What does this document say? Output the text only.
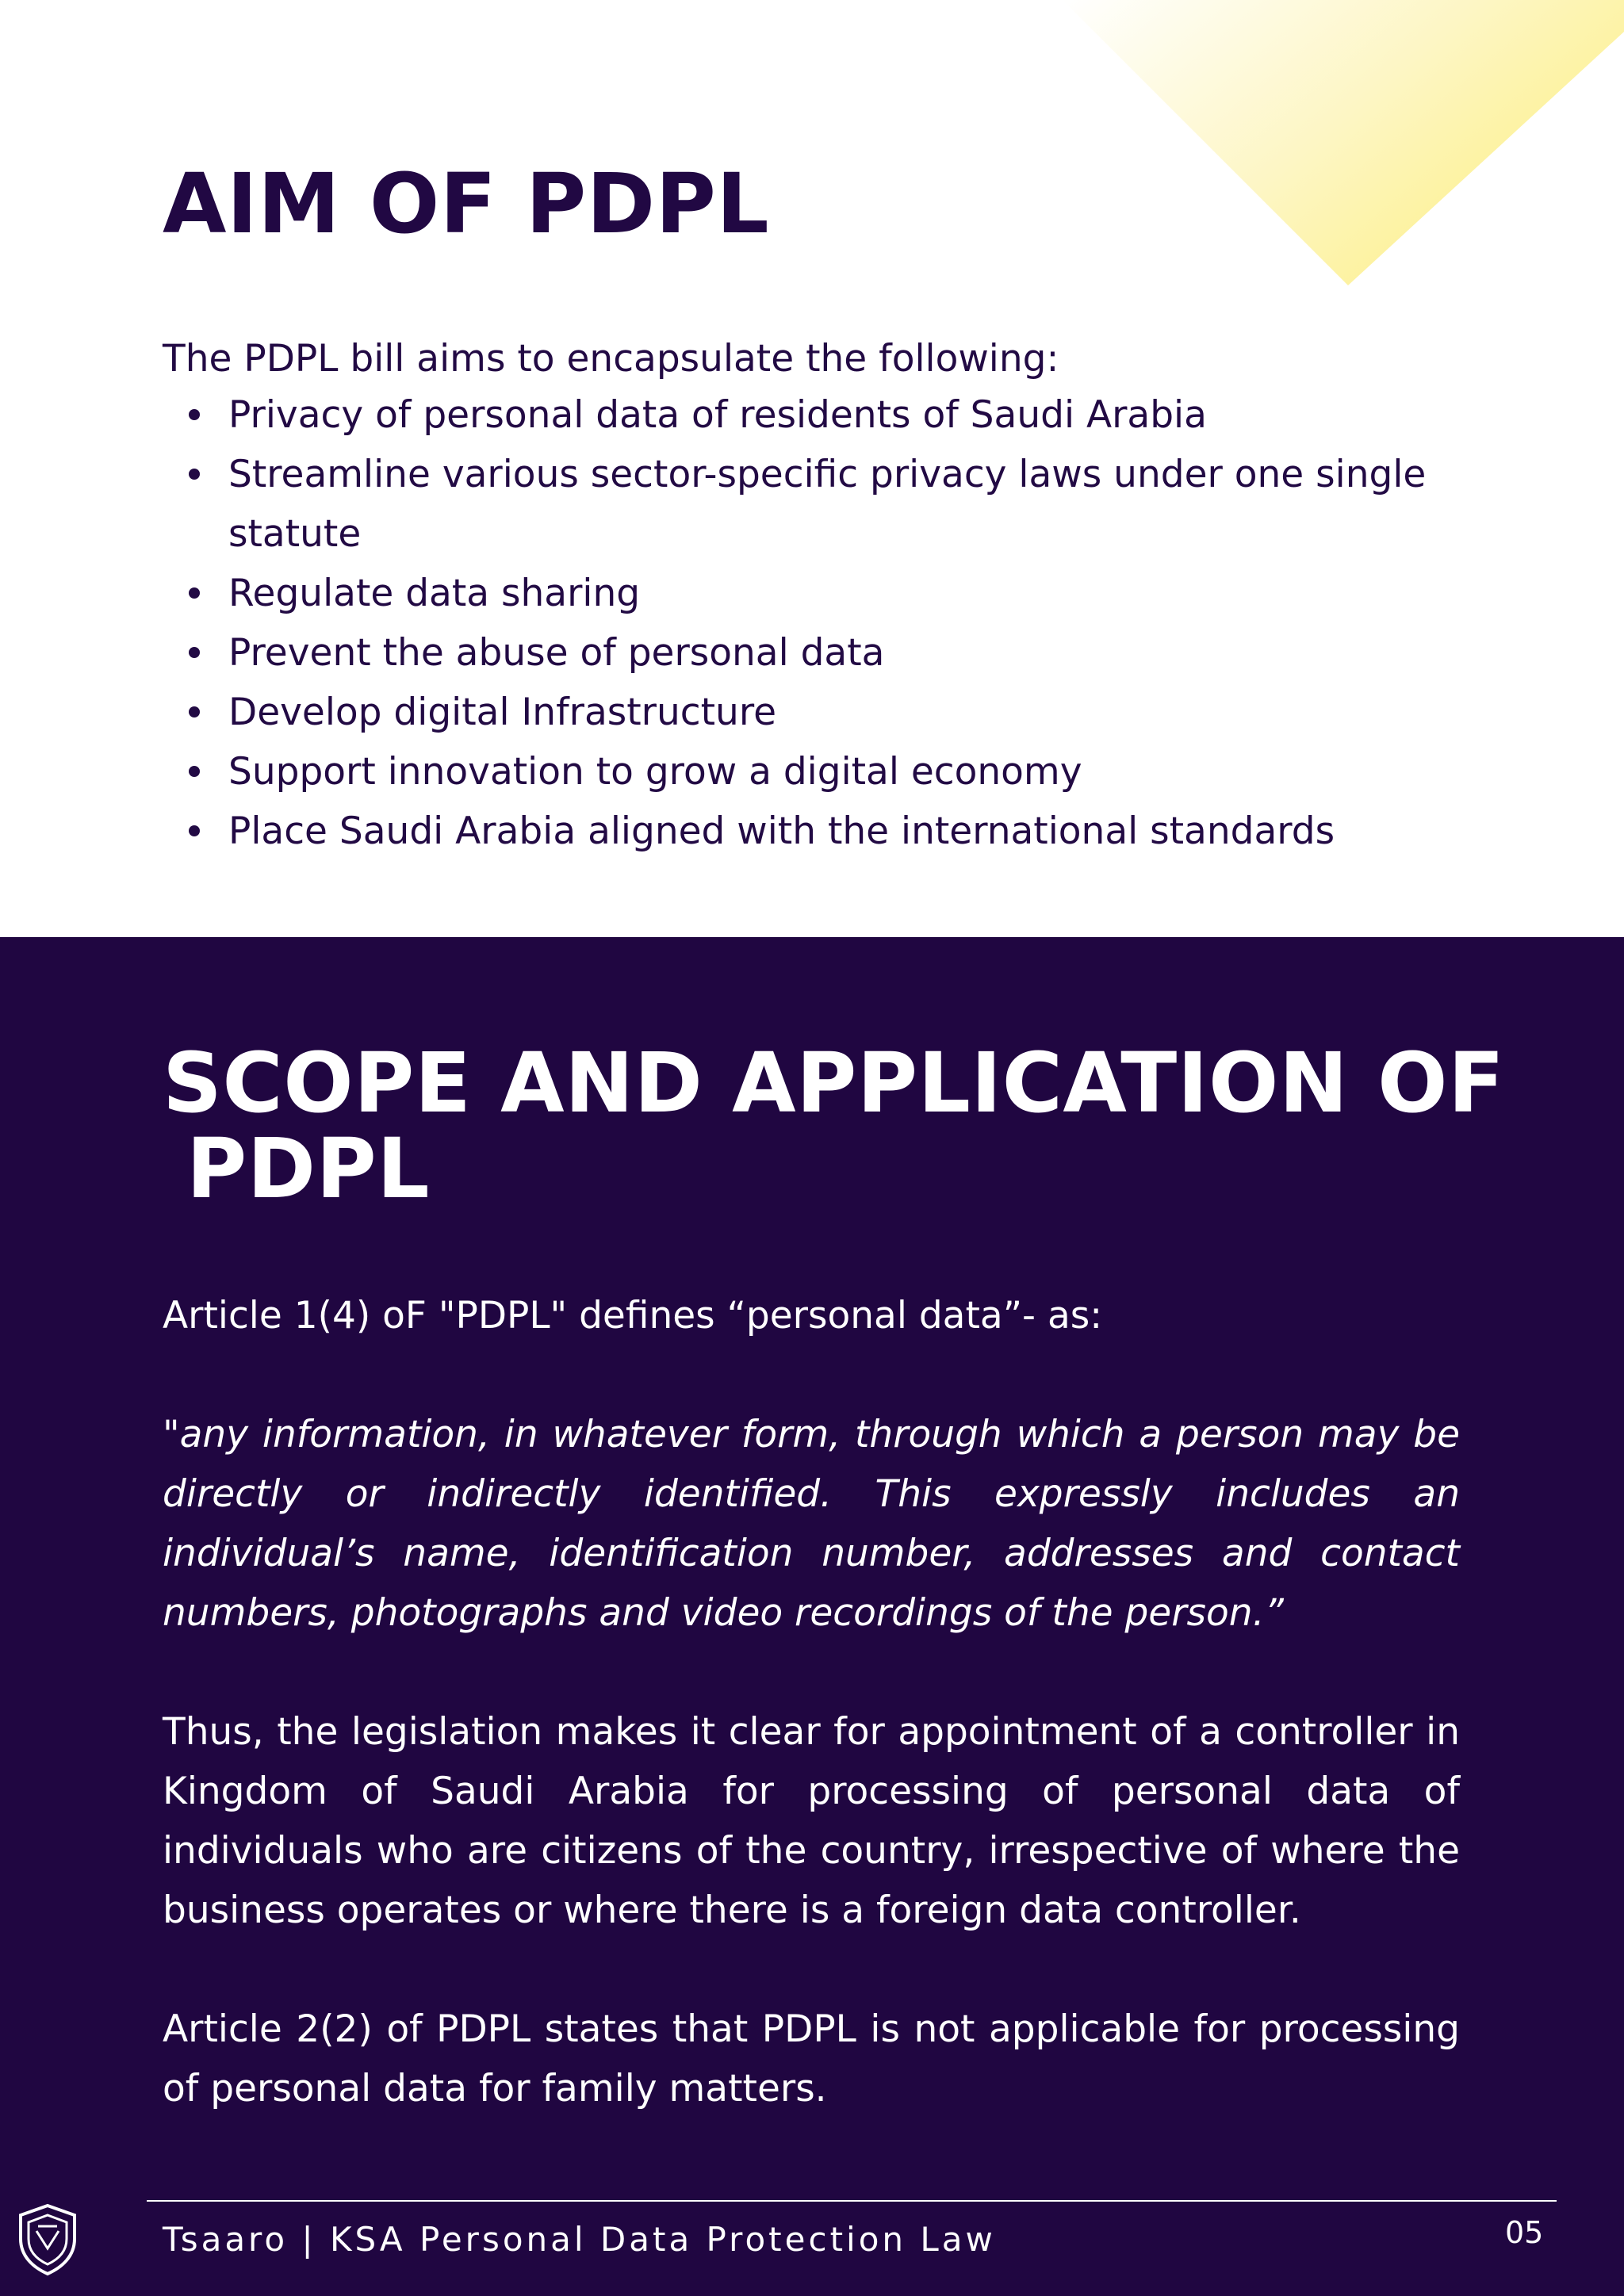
AIM OF PDPL

The PDPL bill aims to encapsulate the following:

Privacy of personal data of residents of Saudi Arabia
Streamline various sector-specific privacy laws under one single statute
Regulate data sharing
Prevent the abuse of personal data
Develop digital Infrastructure
Support innovation to grow a digital economy
Place Saudi Arabia aligned with the international standards
SCOPE AND APPLICATION OF
PDPL

Article 1(4) oF "PDPL" defines “personal data”- as:

"any information, in whatever form, through which a person may be directly or indirectly identified. This expressly includes an individual’s name, identification number, addresses and contact numbers, photographs and video recordings of the person.”

Thus, the legislation makes it clear for appointment of a controller in Kingdom of Saudi Arabia for processing of personal data of individuals who are citizens of the country, irrespective of where the business operates or where there is a foreign data controller.

Article 2(2) of PDPL states that PDPL is not applicable for processing of personal data for family matters.

Tsaaro | KSA Personal Data Protection Law	05
